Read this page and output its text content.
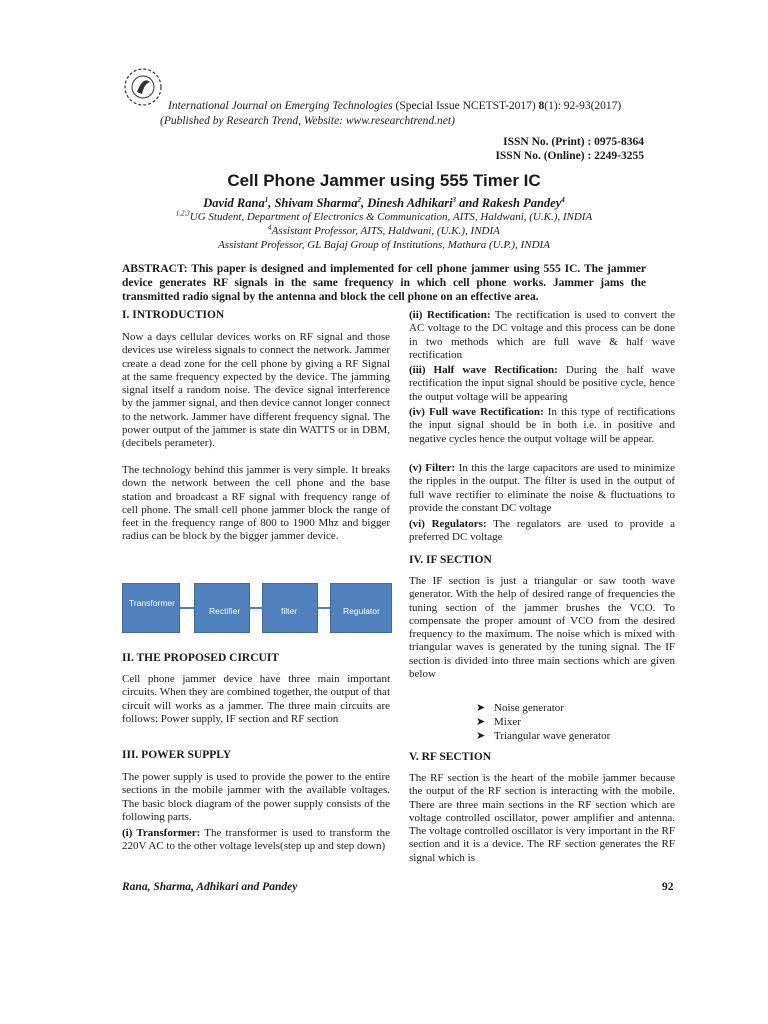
International Journal on Emerging Technologies (Special Issue NCETST-2017) 8(1): 92-93(2017)
(Published by Research Trend, Website: www.researchtrend.net)
ISSN No. (Print) : 0975-8364
ISSN No. (Online) : 2249-3255
Cell Phone Jammer using 555 Timer IC
David Rana$^1$, Shivam Sharma$^2$, Dinesh Adhikari$^3$ and Rakesh Pandey$^4$
$^{1,2,3}$UG Student, Department of Electronics & Communication, AITS, Haldwani, (U.K.), INDIA
$^4$Assistant Professor, AITS, Haldwani, (U.K.), INDIA
Assistant Professor, GL Bajaj Group of Institutions, Mathura (U.P.), INDIA
ABSTRACT: This paper is designed and implemented for cell phone jammer using 555 IC. The jammer device generates RF signals in the same frequency in which cell phone works. Jammer jams the transmitted radio signal by the antenna and block the cell phone on an effective area.
I. INTRODUCTION
Now a days cellular devices works on RF signal and those devices use wireless signals to connect the network. Jammer create a dead zone for the cell phone by giving a RF Signal at the same frequency expected by the device. The jamming signal itself a random noise. The device signal interference by the jammer signal, and then device cannot longer connect to the network. Jammer have different frequency signal. The power output of the jammer is state din WATTS or in DBM, (decibels perameter).
The technology behind this jammer is very simple. It breaks down the network between the cell phone and the base station and broadcast a RF signal with frequency range of cell phone. The small cell phone jammer block the range of feet in the frequency range of 800 to 1900 Mhz and bigger radius can be block by the bigger jammer device.
Transformer
Rectifier	filter	Regulator
II. THE PROPOSED CIRCUIT
Cell phone jammer device have three main important circuits. When they are combined together, the output of that circuit will works as a jammer. The three main circuits are follows: Power supply, IF section and RF section
III. POWER SUPPLY
The power supply is used to provide the power to the entire sections in the mobile jammer with the available voltages. The basic block diagram of the power supply consists of the following parts.
(i) Transformer: The transformer is used to transform the 220V AC to the other voltage levels(step up and step down)
(ii) Rectification: The rectification is used to convert the AC voltage to the DC voltage and this process can be done in two methods which are full wave & half wave rectification
(iii) Half wave Rectification: During the half wave rectification the input signal should be positive cycle, hence the output voltage will be appearing
(iv) Full wave Rectification: In this type of rectifications the input signal should be in both i.e. in positive and negative cycles hence the output voltage will be appear.
(v) Filter: In this the large capacitors are used to minimize the ripples in the output. The filter is used in the output of full wave rectifier to eliminate the noise & fluctuations to provide the constant DC voltage
(vi) Regulators: The regulators are used to provide a preferred DC voltage
IV. IF SECTION
The IF section is just a triangular or saw tooth wave generator. With the help of desired range of frequencies the tuning section of the jammer brushes the VCO. To compensate the proper amount of VCO from the desired frequency to the maximum. The noise which is mixed with triangular waves is generated by the tuning signal. The IF section is divided into three main sections which are given below
➤ Noise generator
➤ Mixer
➤ Triangular wave generator
V. RF SECTION
The RF section is the heart of the mobile jammer because the output of the RF section is interacting with the mobile. There are three main sections in the RF section which are voltage controlled oscillator, power amplifier and antenna. The voltage controlled oscillator is very important in the RF section and it is a device. The RF section generates the RF signal which is
Rana, Sharma, Adhikari and Pandey	92
